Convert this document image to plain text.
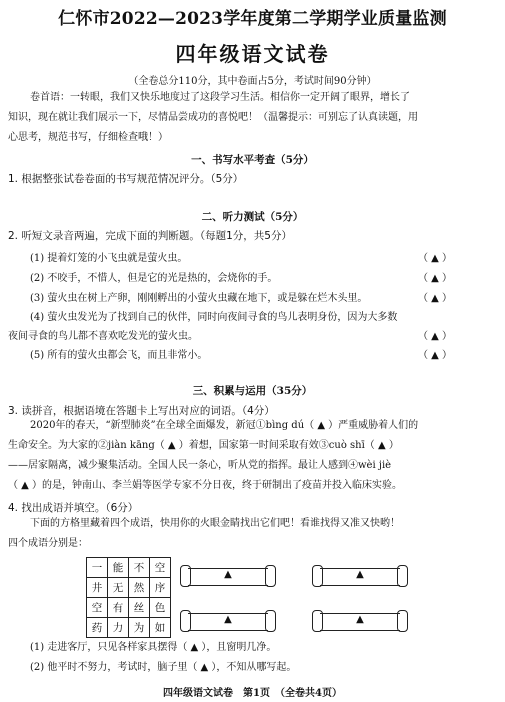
仁怀市2022—2023学年度第二学期学业质量监测
四年级语文试卷
（全卷总分110分，其中卷面占5分，考试时间90分钟）
卷首语：一转眼，我们又快乐地度过了这段学习生活。相信你一定开阔了眼界，增长了
知识，现在就让我们展示一下，尽情品尝成功的喜悦吧！（温馨提示：可别忘了认真读题，用
心思考，规范书写，仔细检查哦！）
一、书写水平考查（5分）
1. 根据整张试卷卷面的书写规范情况评分。（5分）
二、听力测试（5分）
2. 听短文录音两遍，完成下面的判断题。（每题1分，共5分）
(1) 提着灯笼的小飞虫就是萤火虫。	（ ▲ ）
(2) 不咬手，不惜人，但是它的光是热的，会烧你的手。	（ ▲ ）
(3) 萤火虫在树上产卵，刚刚孵出的小萤火虫藏在地下，或是躲在烂木头里。	（ ▲ ）
(4) 萤火虫发光为了找到自己的伙伴，同时向夜间寻食的鸟儿表明身份，因为大多数
夜间寻食的鸟儿都不喜欢吃发光的萤火虫。	（ ▲ ）
(5) 所有的萤火虫都会飞，而且非常小。	（ ▲ ）
三、积累与运用（35分）
3. 读拼音，根据语境在答题卡上写出对应的词语。（4分）
2020年的春天，“新型肺炎”在全球全面爆发，新冠①bìng dú（ ▲ ）严重威胁着人们的
生命安全。为大家的②jiàn kāng（ ▲ ）着想，国家第一时间采取有效③cuò shī（ ▲ ）
——居家隔离，减少聚集活动。全国人民一条心，听从党的指挥。最让人感到④wèi jiè
（ ▲ ）的是，钟南山、李兰娟等医学专家不分日夜，终于研制出了疫苗并投入临床实验。
4. 找出成语并填空。（6分）
下面的方格里藏着四个成语，快用你的火眼金睛找出它们吧！看谁找得又准又快哟！
四个成语分别是：
一	能	不	空
井	无	然	序
空	有	丝	色
药	力	为	如
▲	▲
▲	▲
(1) 走进客厅，只见各样家具摆得（ ▲ ），且窗明几净。
(2) 他平时不努力，考试时，脑子里（ ▲ ），不知从哪写起。
四年级语文试卷　第1页　（全卷共4页）
